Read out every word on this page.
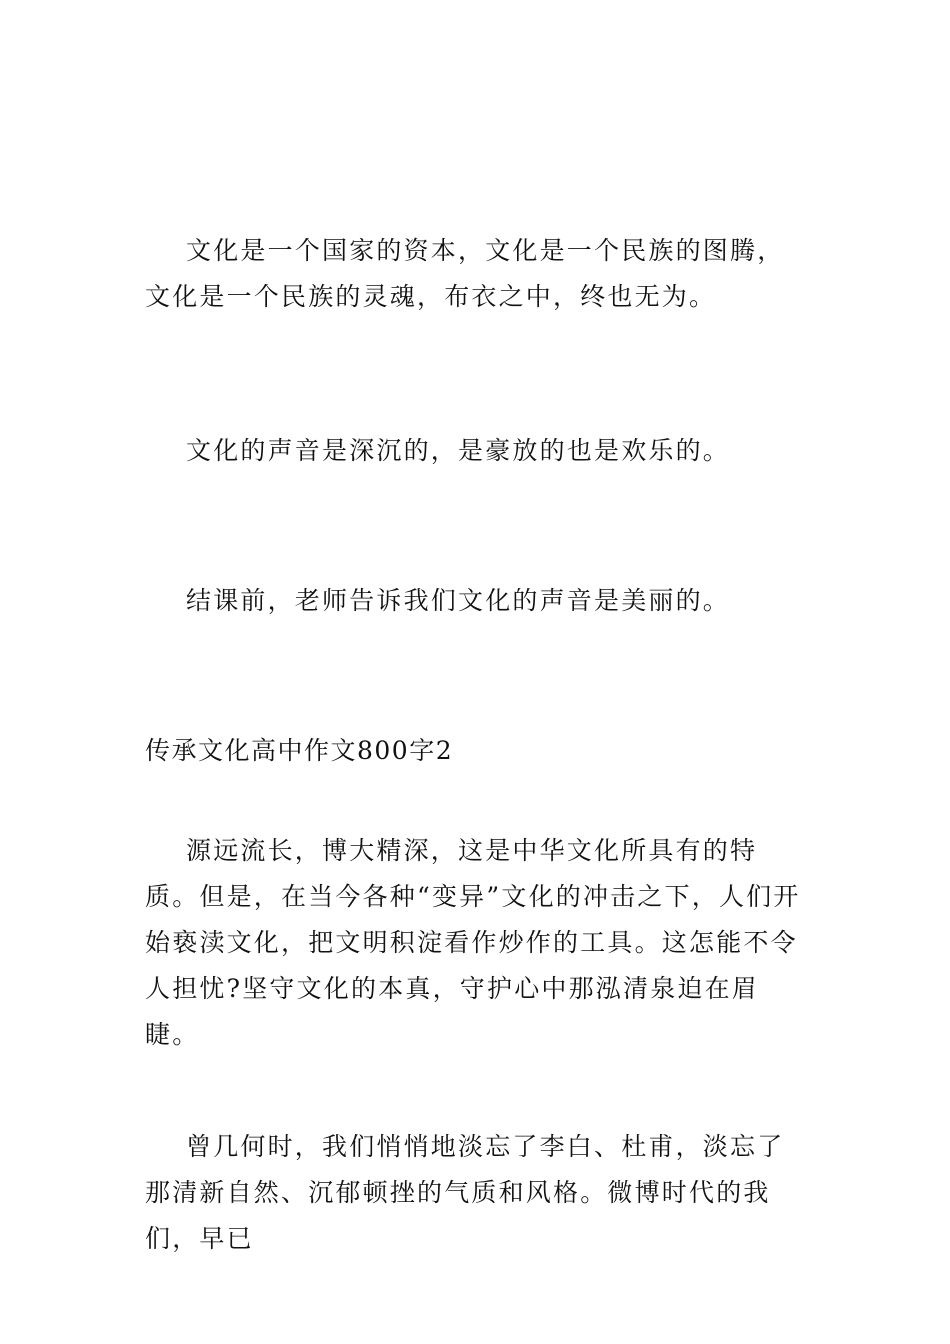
文化是一个国家的资本，文化是一个民族的图腾，文化是一个民族的灵魂，布衣之中，终也无为。

文化的声音是深沉的，是豪放的也是欢乐的。

结课前，老师告诉我们文化的声音是美丽的。

传承文化高中作文800字2

源远流长，博大精深，这是中华文化所具有的特质。但是，在当今各种“变异”文化的冲击之下，人们开始亵渎文化，把文明积淀看作炒作的工具。这怎能不令人担忧?坚守文化的本真，守护心中那泓清泉迫在眉睫。

曾几何时，我们悄悄地淡忘了李白、杜甫，淡忘了那清新自然、沉郁顿挫的气质和风格。微博时代的我们，早已
